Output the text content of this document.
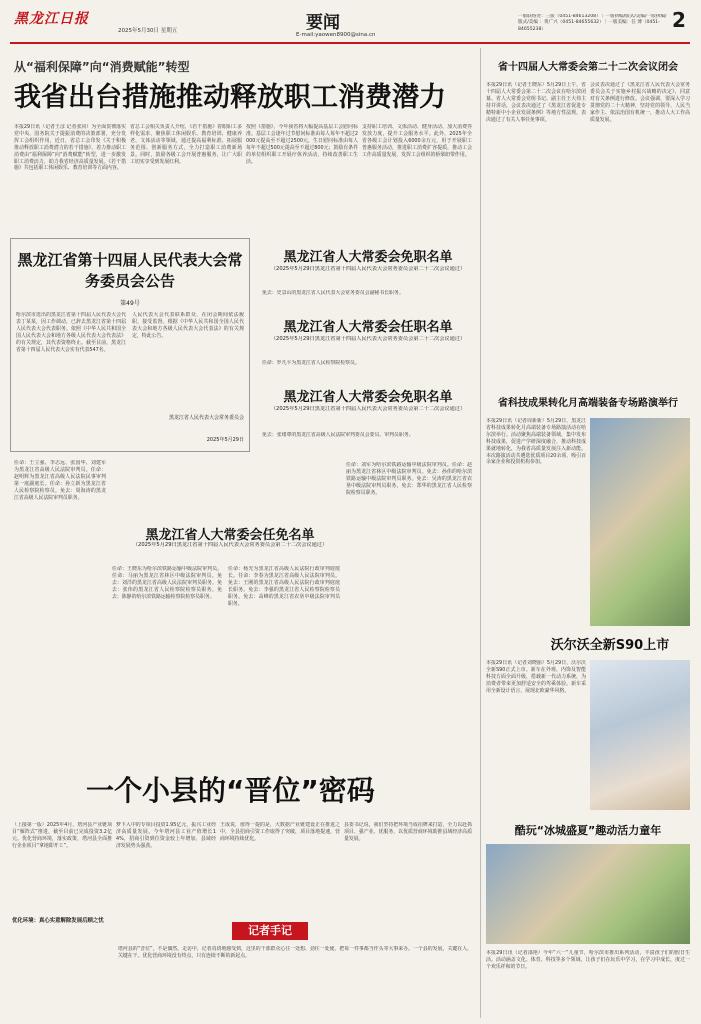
黑龙江日报
2025年5月30日 星期五	要闻
E-mail:yaowen8900@sina.cn
一版联络处：三版（0451-84613208）｜一版执编/版式/美编/一版执编/版式/美编 ：黄广兴（0451-84655632）｜一版美编：任 博（0451-84655238）	2
从“福利保障”向“消费赋能”转型
我省出台措施推动释放职工消费潜力
本报29日讯（记者王彦 记者张同）为全面贯彻落实党中央、国务院关于提振消费的决策部署，充分发挥工会组织作用，近日，省总工会印发《关于积极推动释放职工消费潜力的若干措施》，着力推动职工消费由“福利保障”向“消费赋能”转型，进一步激发职工消费活力，助力我省经济高质量发展。《若干措施》共包括职工休闲娱乐、教育培训等方面内容。
省总工会相关负责人介绍，《若干措施》着眼职工多样化需求，聚焦职工休闲娱乐、教育培训、健康养老、文体活动等领域，通过提高福利标准、拓展服务范围、创新服务方式，全力打造职工消费新场景。同时，鼓励各级工会开展普惠服务，让广大职工切实享受到发展红利。
按照《措施》，今年我省将大幅提高基层工会慰问标准。基层工会逢年过节慰问标准由每人每年不超过2000元提高至不超过2500元，生日慰问标准由每人每年不超过500元提高至不超过800元；鼓励有条件的单位组织职工开展疗休养活动，持续改善职工生活。
支持职工培训、文体活动、健身活动、加大消费券发放力度，提升工会服务水平。此外，2025年全省各级工会计划投入6000余万元，用于开展职工普惠服务活动，推进职工消费扩容提质，推动工会工作高质量发展，发挥工会组织的桥梁纽带作用。
黑龙江省第十四届人民代表大会常务委员会公告
第49号
哈尔滨市选出的黑龙江省第十四届人民代表大会代表丁某某，因工作调动，已辞去黑龙江省第十四届人民代表大会代表职务。依照《中华人民共和国全国人民代表大会和地方各级人民代表大会代表法》的有关规定，其代表资格终止。截至目前，黑龙江省第十四届人民代表大会实有代表547名。
人民代表大会代表联系群众，在闭会期间依法履职，接受监督。根据《中华人民共和国全国人民代表大会和地方各级人民代表大会代表法》的有关规定，特此公告。
黑龙江省人民代表大会常务委员会
2025年5月29日
黑龙江省人大常委会免职名单
（2025年5月29日黑龙江省第十四届人民代表大会常务委员会第二十二次会议通过）
免去：史景山的黑龙江省人民代表大会常务委员会副秘书长职务。
黑龙江省人大常委会任职名单
（2025年5月29日黑龙江省第十四届人民代表大会常务委员会第二十二次会议通过）
任命：罗凡平为黑龙江省人民检察院检察员。
黑龙江省人大常委会免职名单
（2025年5月29日黑龙江省第十四届人民代表大会常务委员会第二十二次会议通过）
免去：张绪尊的黑龙江省高级人民法院审判委员会委员、审判员职务。
黑龙江省人大常委会任免名单
（2025年5月29日黑龙江省第十四届人民代表大会常务委员会第二十二次会议通过）
任命：王立强、李志远、张国华、刘建军为黑龙江省高级人民法院审判员。任命：赵明辉为黑龙江省高级人民法院民事审判第一庭副庭长。任命：孙立新为黑龙江省人民检察院检察员。免去：周海涛的黑龙江省高级人民法院审判员职务。
任命：王晓东为哈尔滨铁路运输中级法院审判员。任命：马丽为黑龙江省林区中级法院审判员。免去：刘洋的黑龙江省高级人民法院审判员职务。免去：张伟的黑龙江省人民检察院检察员职务。免去：陈静的哈尔滨铁路运输检察院检察员职务。
任命：杨光为黑龙江省高级人民法院行政审判庭庭长。任命：李春为黑龙江省高级人民法院审判员。免去：王刚的黑龙江省高级人民法院行政审判庭庭长职务。免去：李强的黑龙江省人民检察院检察员职务。免去：高峰的黑龙江省农垦中级法院审判员职务。
任命：刘军为哈尔滨铁路运输中级法院审判员。任命：赵丽为黑龙江省林区中级法院审判员。免去：孙伟的哈尔滨铁路运输中级法院审判员职务。免去：吴涛的黑龙江省农垦中级法院审判员职务。免去：郑华的黑龙江省人民检察院检察员职务。
一个小县的“晋位”密码
（上接第一版）2025年4月，塔河县产业链项目“雁阵式”推进，截至目前已完成投资3.2亿元。优化营商环境，落实政策，塔河县全面推行企业项目“拿地即开工”。
优化环境：真心实意解除发展后顾之忧
梦下入中的专项目投资1.95亿元，振兴工业经济高质量发展。今年塔河县工业产值增长14%，招商引资到位资金较上年增加，县域经济发展势头强劲。
王成说，值得一提的是，大数据产业链建设正在推进之中，全县招商引资工作取得了突破，项目落地提速，营商环境持续优化。
县委书记说，我们坚持把环境当成招牌来打造，全力以赴抓项目、强产业、优服务，以优质营商环境助推县域经济高质量发展。
记者手记
塔河县的“晋位”，不是偶然。走访中，记者真切地感受到，这里的干部群众心往一处想、劲往一处使，把每一件事都当作头等大事来办。一个县的发展，关键在人，关键在干。优化营商环境没有终点，只有连续不断的新起点。
省十四届人大常委会第二十二次会议闭会
本报29日讯（记者王晓东）5月29日上午，省十四届人大常委会第二十二次会议在哈尔滨闭幕。省人大常委会党组书记、副主任王大伟主持并讲话。会议表决通过了《黑龙江省促进专精特新中小企业发展条例》等地方性法规，表决通过了有关人事任免事项。
会议表决通过了《黑龙江省人民代表大会常务委员会关于实施乡村振兴战略的决定》，同意对有关条例进行修改。会议强调，要深入学习贯彻党的二十大精神，坚持党的领导、人民当家作主、依法治国有机统一，推动人大工作高质量发展。
省科技成果转化月高端装备专场路演举行
本报29日讯（记者周新新）5月29日，黑龙江省科技成果转化月高端装备专场路演活动在哈尔滨举行。活动聚焦高端装备领域，集中发布科技成果，促进产学研深度融合，推动科技成果就地转化，为我省高质量发展注入新动能。本次路演活动共遴选优质项目20余项，吸引百余家企业和投资机构参加。
沃尔沃全新S90上市
本报29日讯（记者刘晓丽）5月29日，沃尔沃全新S90正式上市。新车在外观、内饰及智能科技方面全面升级，搭载新一代动力系统，为消费者带来更加舒适安全的驾乘体验。新车采用全新设计语言，展现北欧豪华风格。
酷玩“冰城盛夏”趣动活力童年
本报29日讯（记者邵艳）今年“六一”儿童节，哈尔滨市推出系列活动，丰富孩子们的假日生活。活动涵盖文化、体育、科技等多个领域，让孩子们在玩乐中学习，在学习中成长，度过一个欢乐祥和的节日。
